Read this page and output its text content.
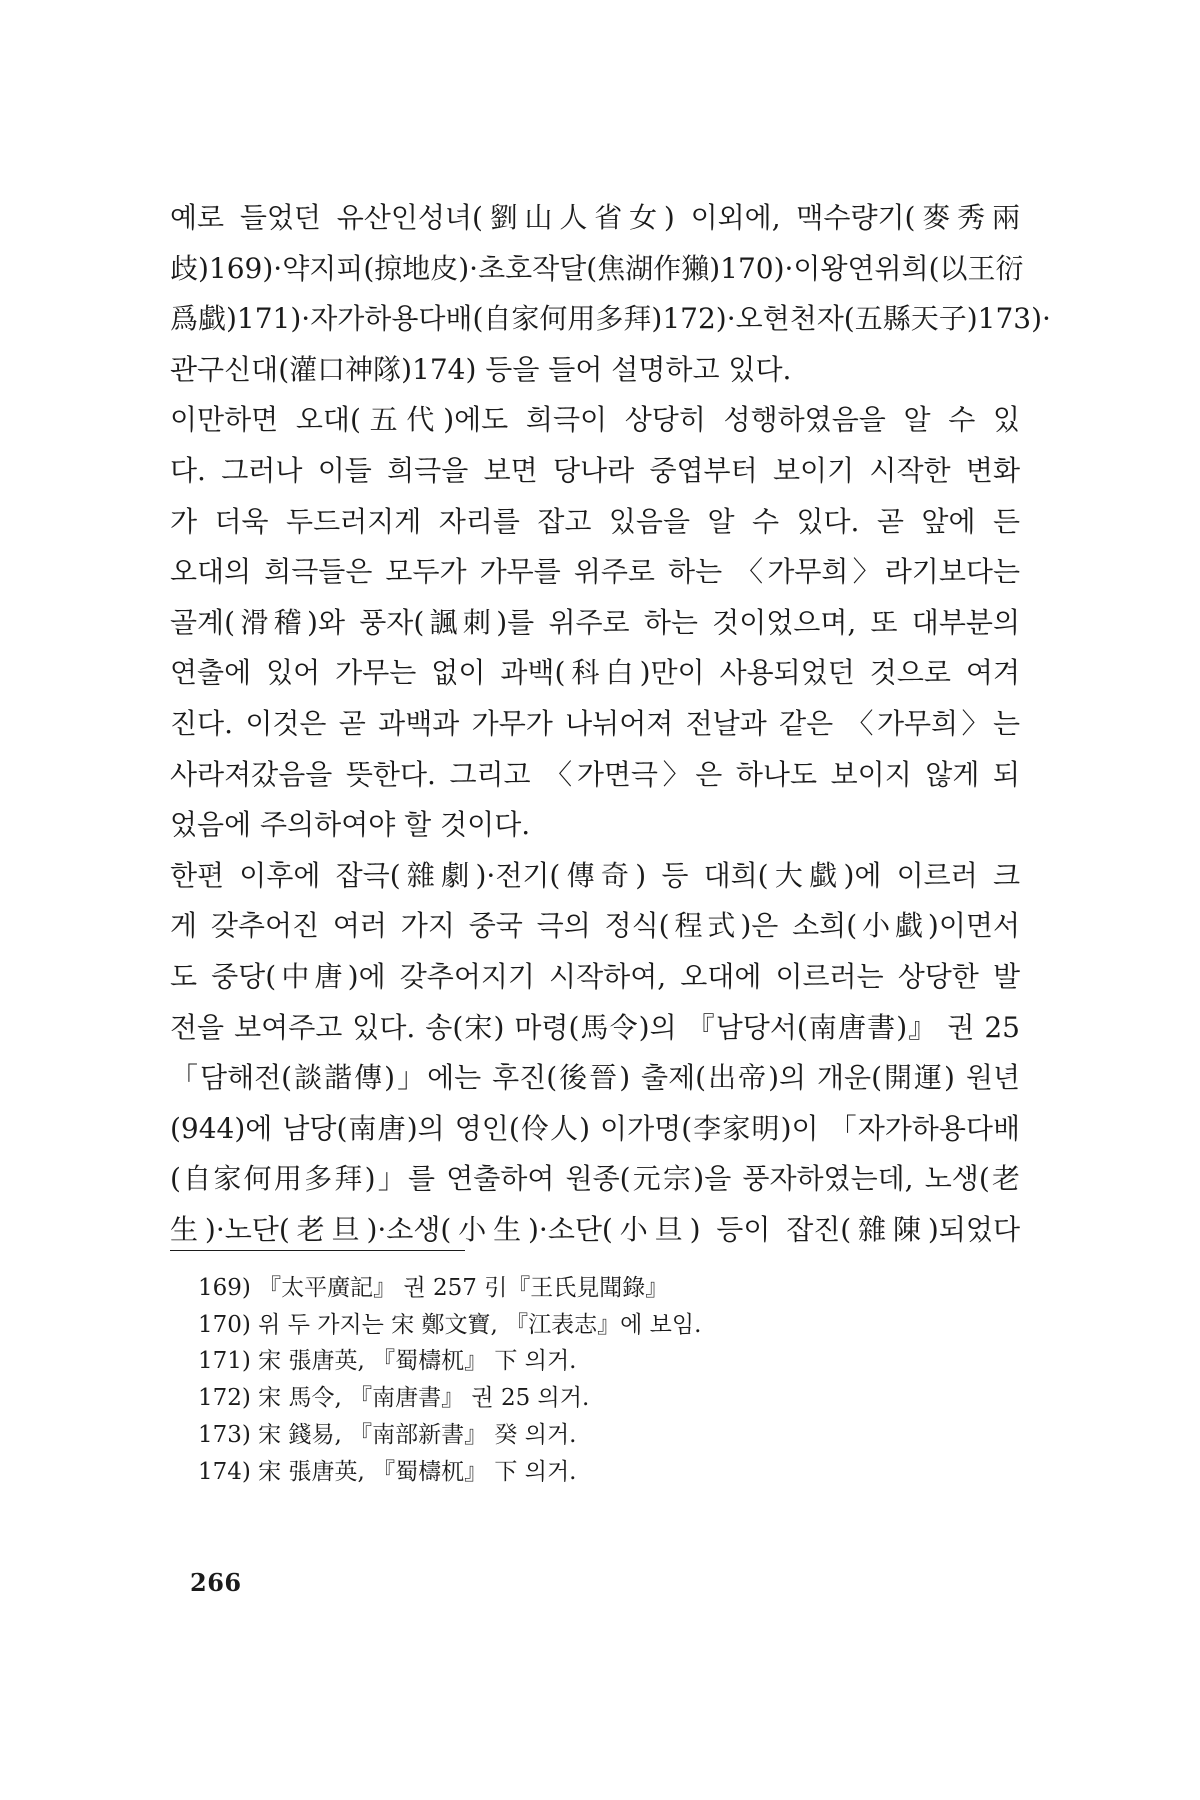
예로 들었던 유산인성녀(劉山人省女) 이외에, 맥수량기(麥秀兩
歧)169)·약지피(掠地皮)·초호작달(焦湖作獺)170)·이왕연위희(以王衍
爲戱)171)·자가하용다배(自家何用多拜)172)·오현천자(五縣天子)173)·
관구신대(灌口神隊)174) 등을 들어 설명하고 있다.
이만하면 오대(五代)에도 희극이 상당히 성행하였음을 알 수 있
다. 그러나 이들 희극을 보면 당나라 중엽부터 보이기 시작한 변화
가 더욱 두드러지게 자리를 잡고 있음을 알 수 있다. 곧 앞에 든
오대의 희극들은 모두가 가무를 위주로 하는 〈가무희〉라기보다는
골계(滑稽)와 풍자(諷刺)를 위주로 하는 것이었으며, 또 대부분의
연출에 있어 가무는 없이 과백(科白)만이 사용되었던 것으로 여겨
진다. 이것은 곧 과백과 가무가 나뉘어져 전날과 같은 〈가무희〉는
사라져갔음을 뜻한다. 그리고 〈가면극〉은 하나도 보이지 않게 되
었음에 주의하여야 할 것이다.
한편 이후에 잡극(雜劇)·전기(傳奇) 등 대희(大戱)에 이르러 크
게 갖추어진 여러 가지 중국 극의 정식(程式)은 소희(小戱)이면서
도 중당(中唐)에 갖추어지기 시작하여, 오대에 이르러는 상당한 발
전을 보여주고 있다. 송(宋) 마령(馬令)의 『남당서(南唐書)』 권 25
「담해전(談諧傳)」에는 후진(後晉) 출제(出帝)의 개운(開運) 원년
(944)에 남당(南唐)의 영인(伶人) 이가명(李家明)이 「자가하용다배
(自家何用多拜)」를 연출하여 원종(元宗)을 풍자하였는데, 노생(老
生)·노단(老旦)·소생(小生)·소단(小旦) 등이 잡진(雜陳)되었다
169) 『太平廣記』 권 257 引『王氏見聞錄』
170) 위 두 가지는 宋 鄭文寶, 『江表志』에 보임.
171) 宋 張唐英, 『蜀檮杌』 下 의거.
172) 宋 馬令, 『南唐書』 권 25 의거.
173) 宋 錢易, 『南部新書』 癸 의거.
174) 宋 張唐英, 『蜀檮杌』 下 의거.
266
